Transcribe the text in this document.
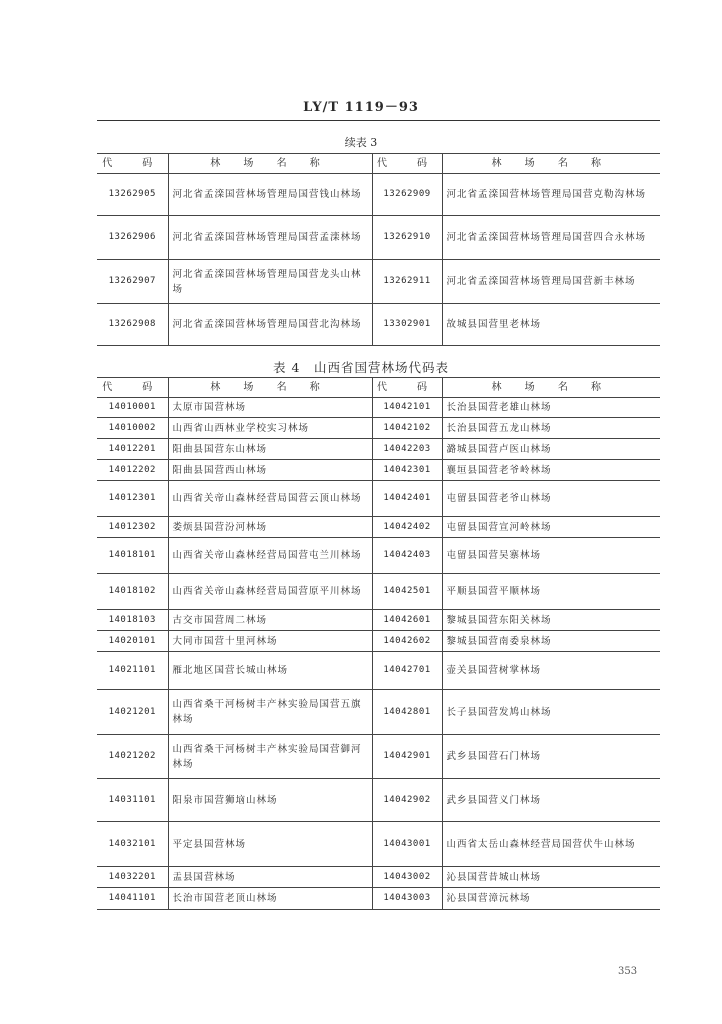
LY/T 1119－93
续表 3
代　码	林 场 名 称	代　码	林 场 名 称
13262905	河北省孟滦国营林场管理局国营钱山林场	13262909	河北省孟滦国营林场管理局国营克勒沟林场
13262906	河北省孟滦国营林场管理局国营孟滦林场	13262910	河北省孟滦国营林场管理局国营四合永林场
13262907	河北省孟滦国营林场管理局国营龙头山林场	13262911	河北省孟滦国营林场管理局国营新丰林场
13262908	河北省孟滦国营林场管理局国营北沟林场	13302901	故城县国营里老林场
表 4　山西省国营林场代码表
代　码	林 场 名 称	代　码	林 场 名 称
14010001	太原市国营林场	14042101	长治县国营老雄山林场
14010002	山西省山西林业学校实习林场	14042102	长治县国营五龙山林场
14012201	阳曲县国营东山林场	14042203	潞城县国营卢医山林场
14012202	阳曲县国营西山林场	14042301	襄垣县国营老爷岭林场
14012301	山西省关帝山森林经营局国营云顶山林场	14042401	屯留县国营老爷山林场
14012302	娄烦县国营汾河林场	14042402	屯留县国营宣河岭林场
14018101	山西省关帝山森林经营局国营屯兰川林场	14042403	屯留县国营吴寨林场
14018102	山西省关帝山森林经营局国营原平川林场	14042501	平顺县国营平顺林场
14018103	古交市国营周二林场	14042601	黎城县国营东阳关林场
14020101	大同市国营十里河林场	14042602	黎城县国营南委泉林场
14021101	雁北地区国营长城山林场	14042701	壶关县国营树掌林场
14021201	山西省桑干河杨树丰产林实验局国营五旗林场	14042801	长子县国营发鸠山林场
14021202	山西省桑干河杨树丰产林实验局国营御河林场	14042901	武乡县国营石门林场
14031101	阳泉市国营狮垴山林场	14042902	武乡县国营义门林场
14032101	平定县国营林场	14043001	山西省太岳山森林经营局国营伏牛山林场
14032201	盂县国营林场	14043002	沁县国营昔城山林场
14041101	长治市国营老顶山林场	14043003	沁县国营漳沅林场
353
